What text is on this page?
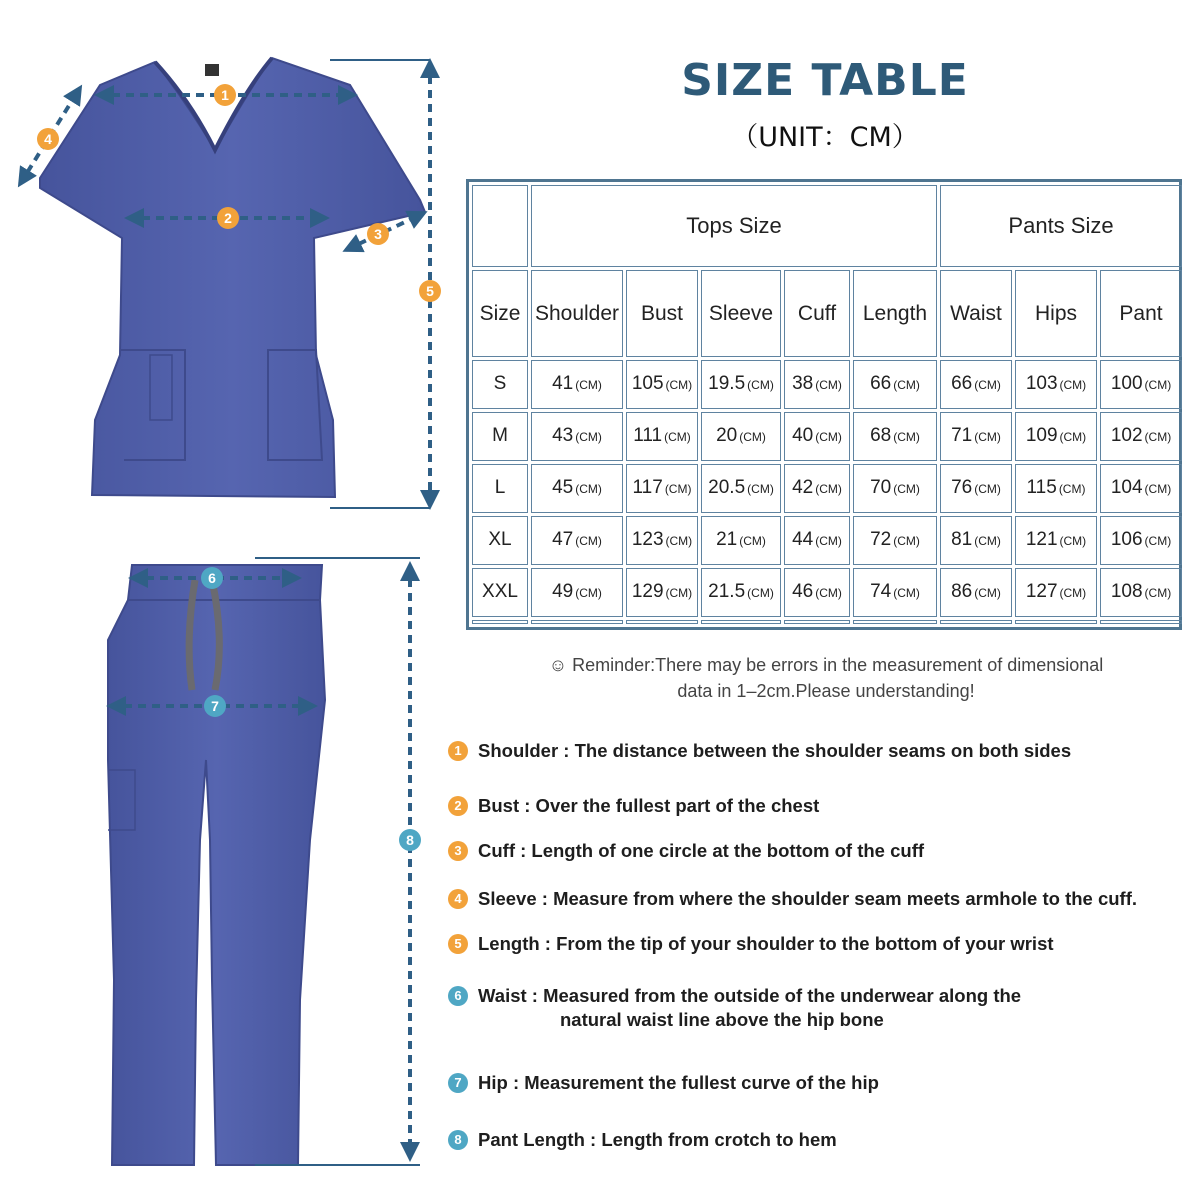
1
2
3
4
5
6
7
8
SIZE TABLE
（UNIT：CM）
	Tops Size					Pants Size		
Size	Shoulder	Bust	Sleeve	Cuff	Length	Waist	Hips	Pant
S	41 (CM)	105 (CM)	19.5 (CM)	38 (CM)	66 (CM)	66 (CM)	103 (CM)	100 (CM)
M	43 (CM)	111 (CM)	20 (CM)	40 (CM)	68 (CM)	71 (CM)	109 (CM)	102 (CM)
L	45 (CM)	117 (CM)	20.5 (CM)	42 (CM)	70 (CM)	76 (CM)	115 (CM)	104 (CM)
XL	47 (CM)	123 (CM)	21 (CM)	44 (CM)	72 (CM)	81 (CM)	121 (CM)	106 (CM)
XXL	49 (CM)	129 (CM)	21.5 (CM)	46 (CM)	74 (CM)	86 (CM)	127 (CM)	108 (CM)

☺ Reminder:There may be errors in the measurement of dimensional
data in 1–2cm.Please understanding!
1 Shoulder : The distance between the shoulder seams on both sides
2 Bust : Over the fullest part of the chest
3 Cuff : Length of one circle at the bottom of the cuff
4 Sleeve : Measure from where the shoulder seam meets armhole to the cuff.
5 Length : From the tip of your shoulder to the bottom of your wrist
6 Waist : Measured from the outside of the underwear along the
natural waist line above the hip bone
7 Hip : Measurement the fullest curve of the hip
8 Pant Length : Length from crotch to hem
